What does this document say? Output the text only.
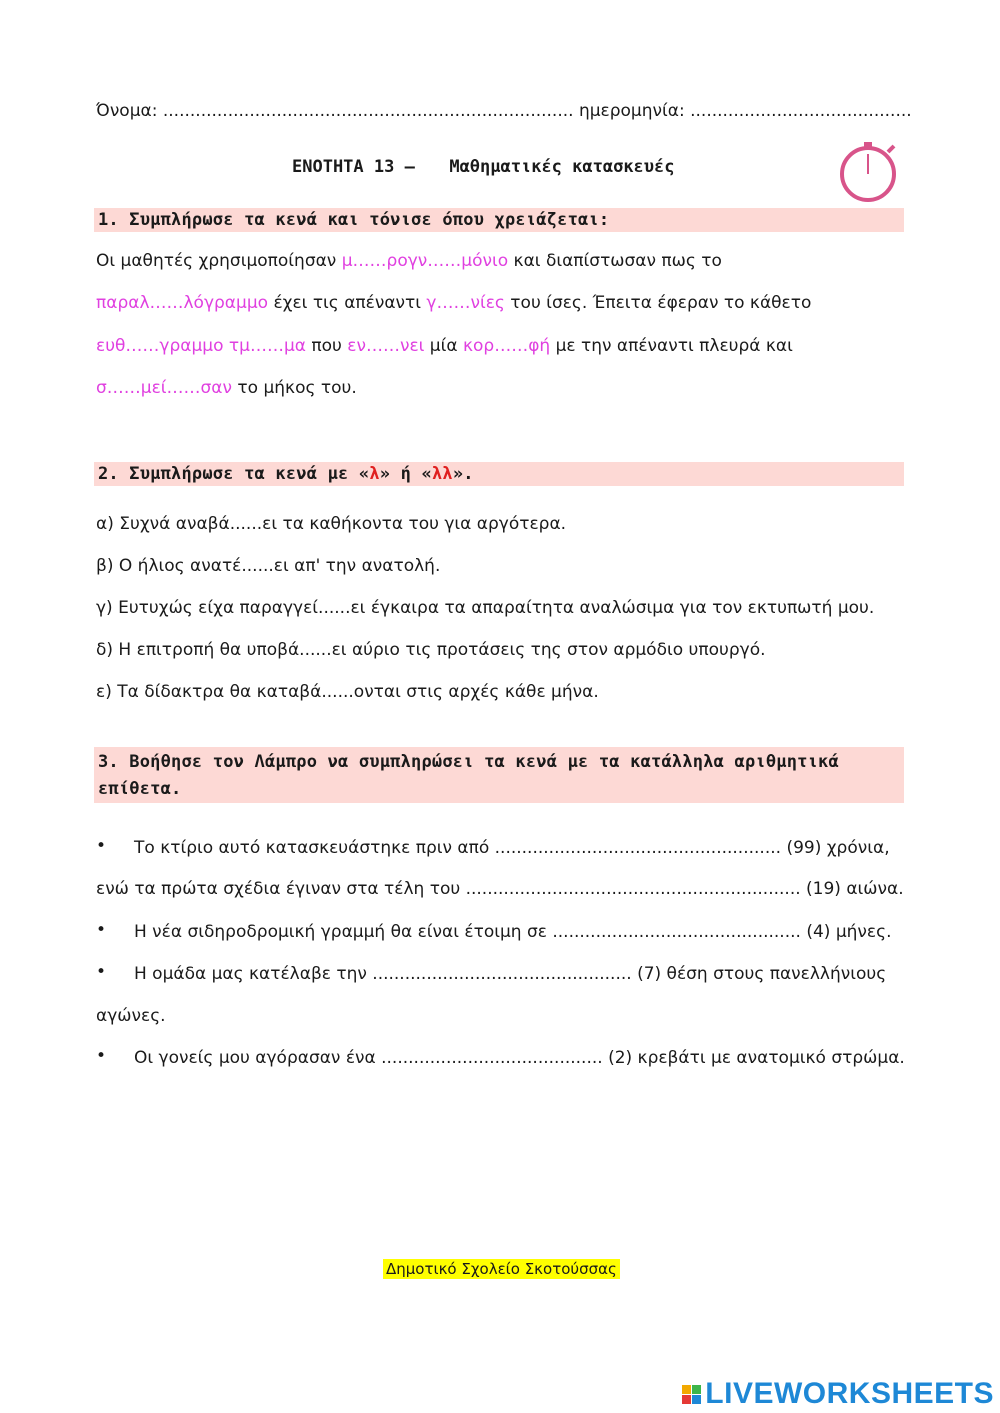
Όνομα: ............................................................................ ημερομηνία: .........................................
ΕΝΟΤΗΤΑ 13 – Μαθηματικές κατασκευές
1. Συμπλήρωσε τα κενά και τόνισε όπου χρειάζεται:
Οι μαθητές χρησιμοποίησαν μ……ρογν……μόνιο και διαπίστωσαν πως το
παραλ……λόγραμμο έχει τις απέναντι γ……νίες του ίσες. Έπειτα έφεραν το κάθετο
ευθ……γραμμο τμ……μα που εν……νει μία κορ……φή με την απέναντι πλευρά και
σ……μεί……σαν το μήκος του.
2. Συμπλήρωσε τα κενά με «λ» ή «λλ».
α) Συχνά αναβά......ει τα καθήκοντα του για αργότερα.
β) Ο ήλιος ανατέ......ει απ' την ανατολή.
γ) Ευτυχώς είχα παραγγεί......ει έγκαιρα τα απαραίτητα αναλώσιμα για τον εκτυπωτή μου.
δ) Η επιτροπή θα υποβά......ει αύριο τις προτάσεις της στον αρμόδιο υπουργό.
ε) Τα δίδακτρα θα καταβά......ονται στις αρχές κάθε μήνα.
3. Βοήθησε τον Λάμπρο να συμπληρώσει τα κενά με τα κατάλληλα αριθμητικά
επίθετα.
• Το κτίριο αυτό κατασκευάστηκε πριν από ..................................................... (99) χρόνια,
ενώ τα πρώτα σχέδια έγιναν στα τέλη του .............................................................. (19) αιώνα.
• Η νέα σιδηροδρομική γραμμή θα είναι έτοιμη σε .............................................. (4) μήνες.
• Η ομάδα μας κατέλαβε την ................................................ (7) θέση στους πανελλήνιους
αγώνες.
• Οι γονείς μου αγόρασαν ένα ......................................... (2) κρεβάτι με ανατομικό στρώμα.
Δημοτικό Σχολείο Σκοτούσσας
LIVEWORKSHEETS
